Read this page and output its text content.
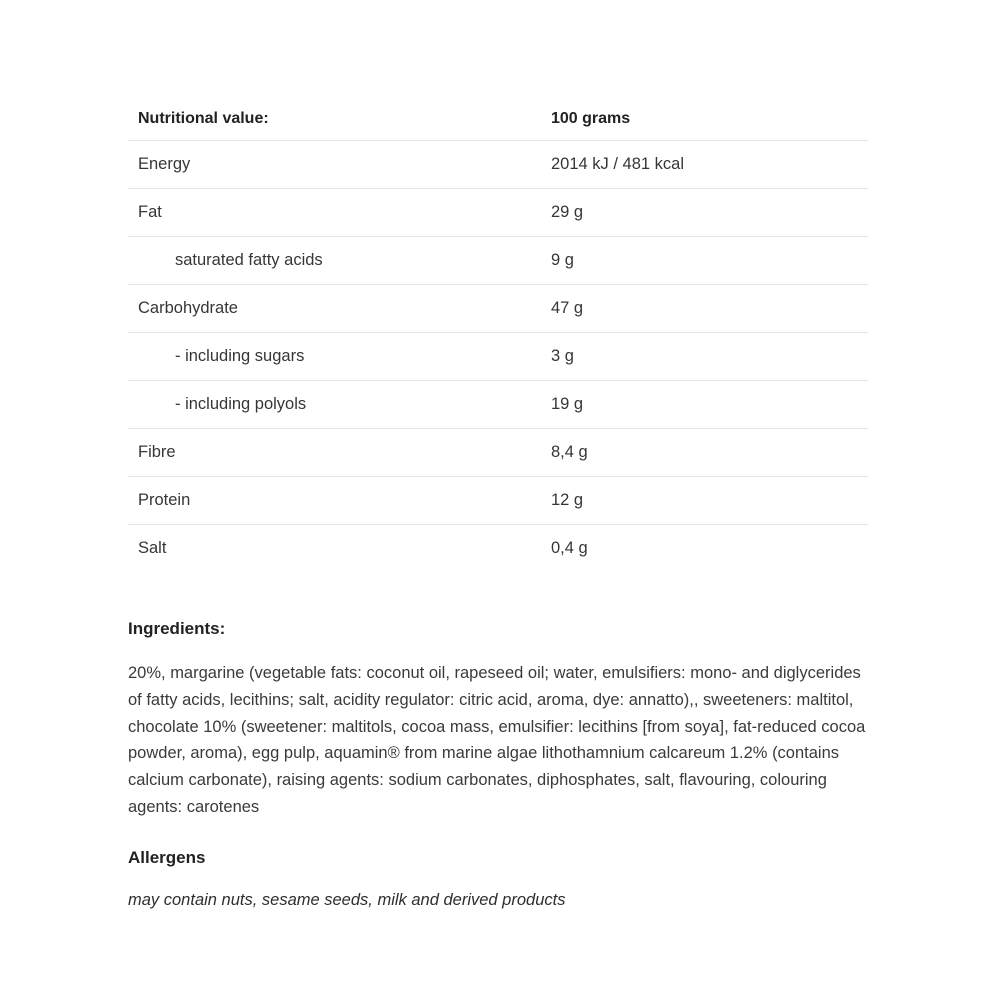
Nutritional value:	100 grams
Energy	2014 kJ / 481 kcal
Fat	29 g
saturated fatty acids	9 g
Carbohydrate	47 g
- including sugars	3 g
- including polyols	19 g
Fibre	8,4 g
Protein	12 g
Salt	0,4 g
Ingredients:

20%, margarine (vegetable fats: coconut oil, rapeseed oil; water, emulsifiers: mono- and diglycerides of fatty acids, lecithins; salt, acidity regulator: citric acid, aroma, dye: annatto),, sweeteners: maltitol, chocolate 10% (sweetener: maltitols, cocoa mass, emulsifier: lecithins [from soya], fat-reduced cocoa powder, aroma), egg pulp, aquamin® from marine algae lithothamnium calcareum 1.2% (contains calcium carbonate), raising agents: sodium carbonates, diphosphates, salt, flavouring, colouring agents: carotenes

Allergens

may contain nuts, sesame seeds, milk and derived products
